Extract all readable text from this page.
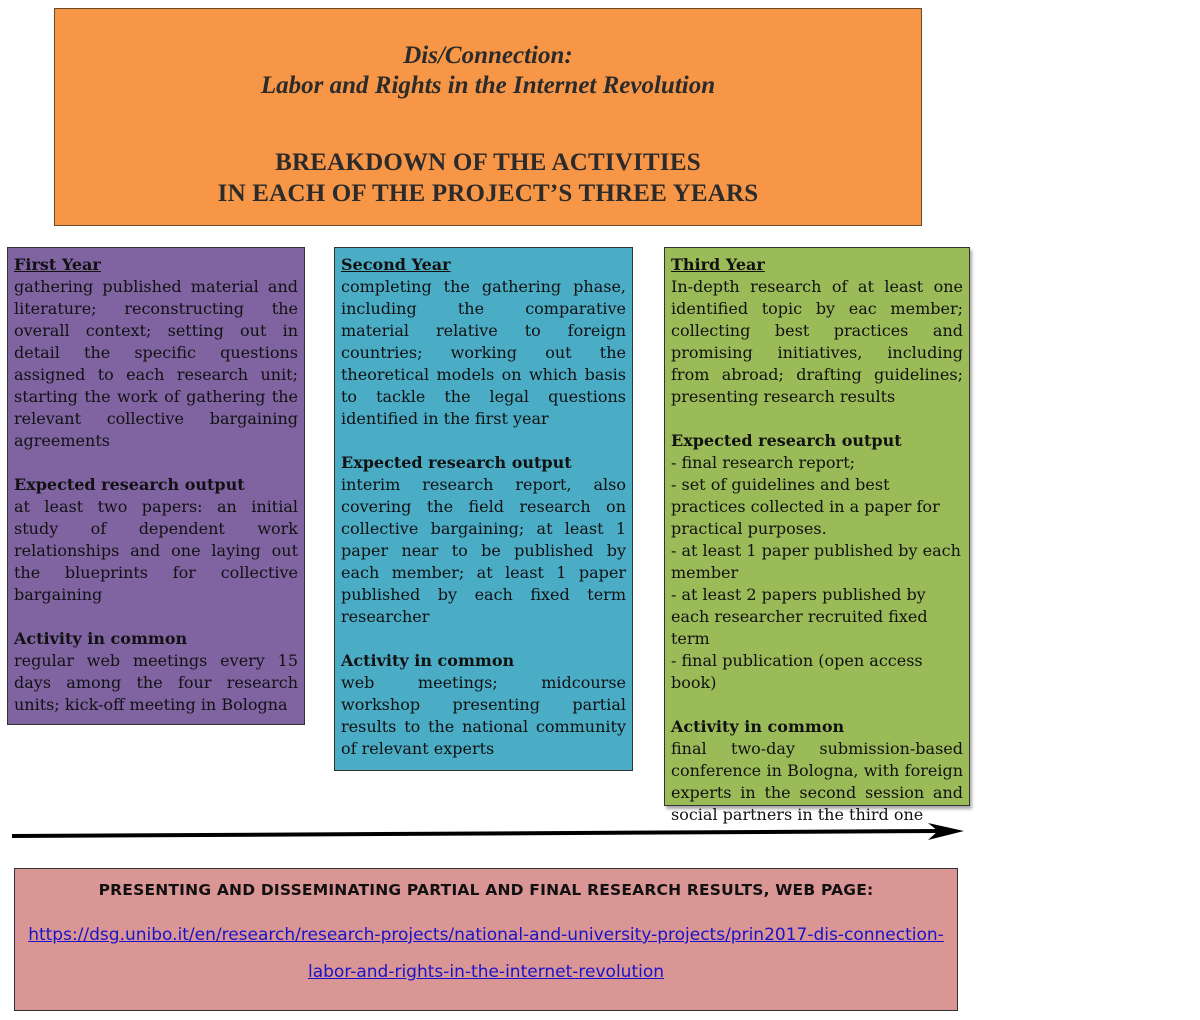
Dis/Connection:
Labor and Rights in the Internet Revolution
BREAKDOWN OF THE ACTIVITIES
IN EACH OF THE PROJECT’S THREE YEARS
First Year
gathering published material and literature; reconstructing the overall context; setting out in detail the specific questions assigned to each research unit; starting the work of gathering the relevant collective bargaining agreements
Expected research output
at least two papers: an initial study of dependent work relationships and one laying out the blueprints for collective bargaining
Activity in common
regular web meetings every 15 days among the four research units; kick-off meeting in Bologna
Second Year
completing the gathering phase, including the comparative material relative to foreign countries; working out the theoretical models on which basis to tackle the legal questions identified in the first year
Expected research output
interim research report, also covering the field research on collective bargaining; at least 1 paper near to be published by each member; at least 1 paper published by each fixed term researcher
Activity in common
web meetings; midcourse workshop presenting partial results to the national community of relevant experts
Third Year
In-depth research of at least one identified topic by eac member; collecting best practices and promising initiatives, including from abroad; drafting guidelines; presenting research results
Expected research output
- final research report;
- set of guidelines and best practices collected in a paper for practical purposes.
- at least 1 paper published by each member
- at least 2 papers published by each researcher recruited fixed term
- final publication (open access book)
Activity in common
final two-day submission-based conference in Bologna, with foreign experts in the second session and social partners in the third one
PRESENTING AND DISSEMINATING PARTIAL AND FINAL RESEARCH RESULTS, WEB PAGE:
https://dsg.unibo.it/en/research/research-projects/national-and-university-projects/prin2017-dis-connection-labor-and-rights-in-the-internet-revolution
